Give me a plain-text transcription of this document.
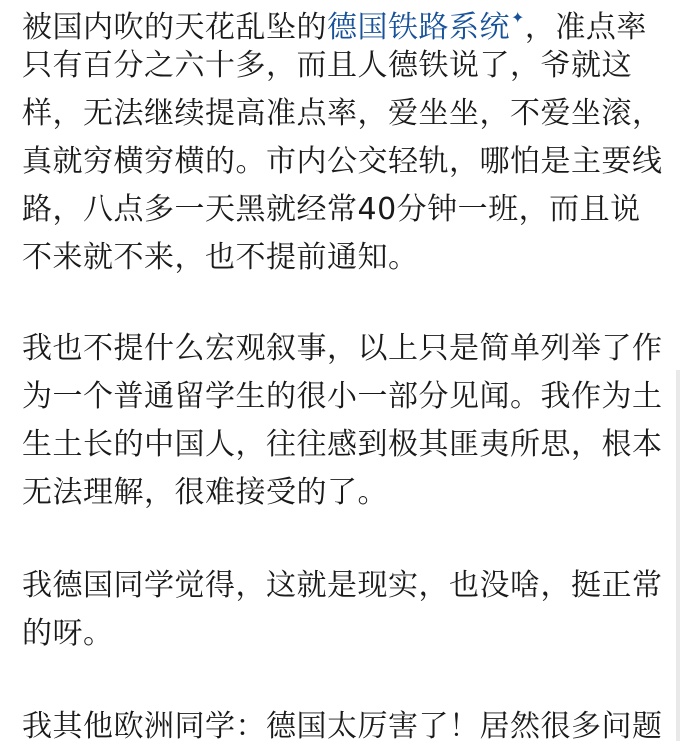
被国内吹的天花乱坠的德国铁路系统✦，准点率
只有百分之六十多，而且人德铁说了，爷就这
样，无法继续提高准点率，爱坐坐，不爱坐滚，
真就穷横穷横的。市内公交轻轨，哪怕是主要线
路，八点多一天黑就经常40分钟一班，而且说
不来就不来，也不提前通知。
我也不提什么宏观叙事，以上只是简单列举了作
为一个普通留学生的很小一部分见闻。我作为土
生土长的中国人，往往感到极其匪夷所思，根本
无法理解，很难接受的了。
我德国同学觉得，这就是现实，也没啥，挺正常
的呀。
我其他欧洲同学：德国太厉害了！居然很多问题
